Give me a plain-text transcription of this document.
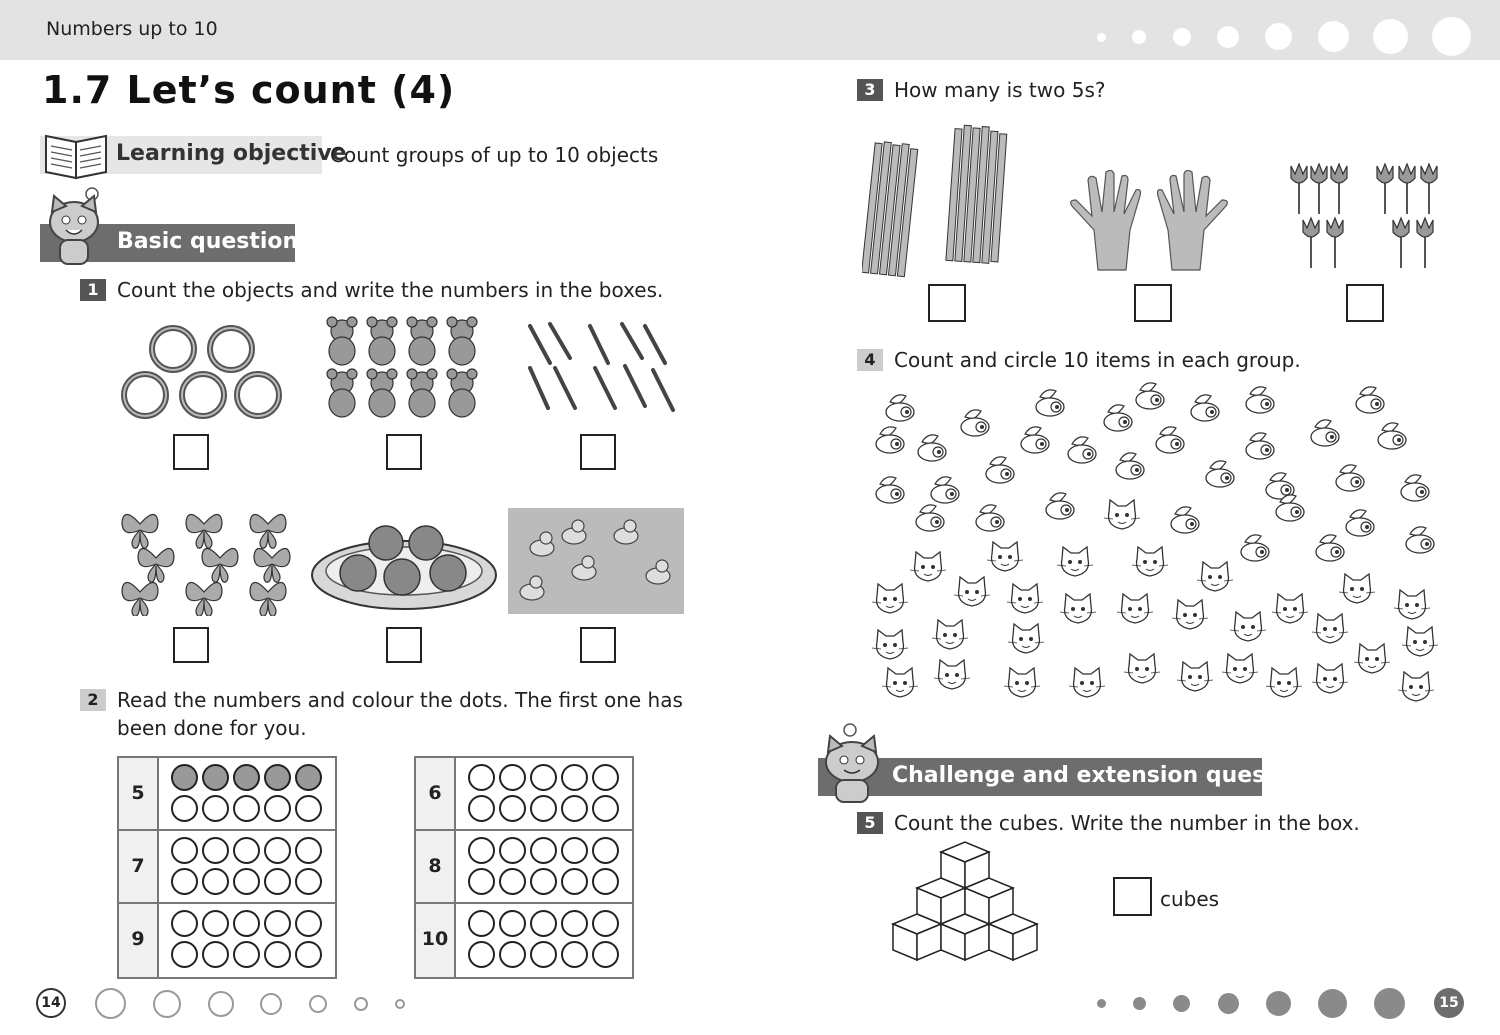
Numbers up to 10
1.7 Let’s count (4)
Learning objective
Count groups of up to 10 objects
Basic questions
1 Count the objects and write the numbers in the boxes.
2 Read the numbers and colour the dots. The first one has been done for you.
5
7
9
6
8
10
3 How many is two 5s?
4 Count and circle 10 items in each group.
Challenge and extension question
5 Count the cubes. Write the number in the box.
cubes
14	15
